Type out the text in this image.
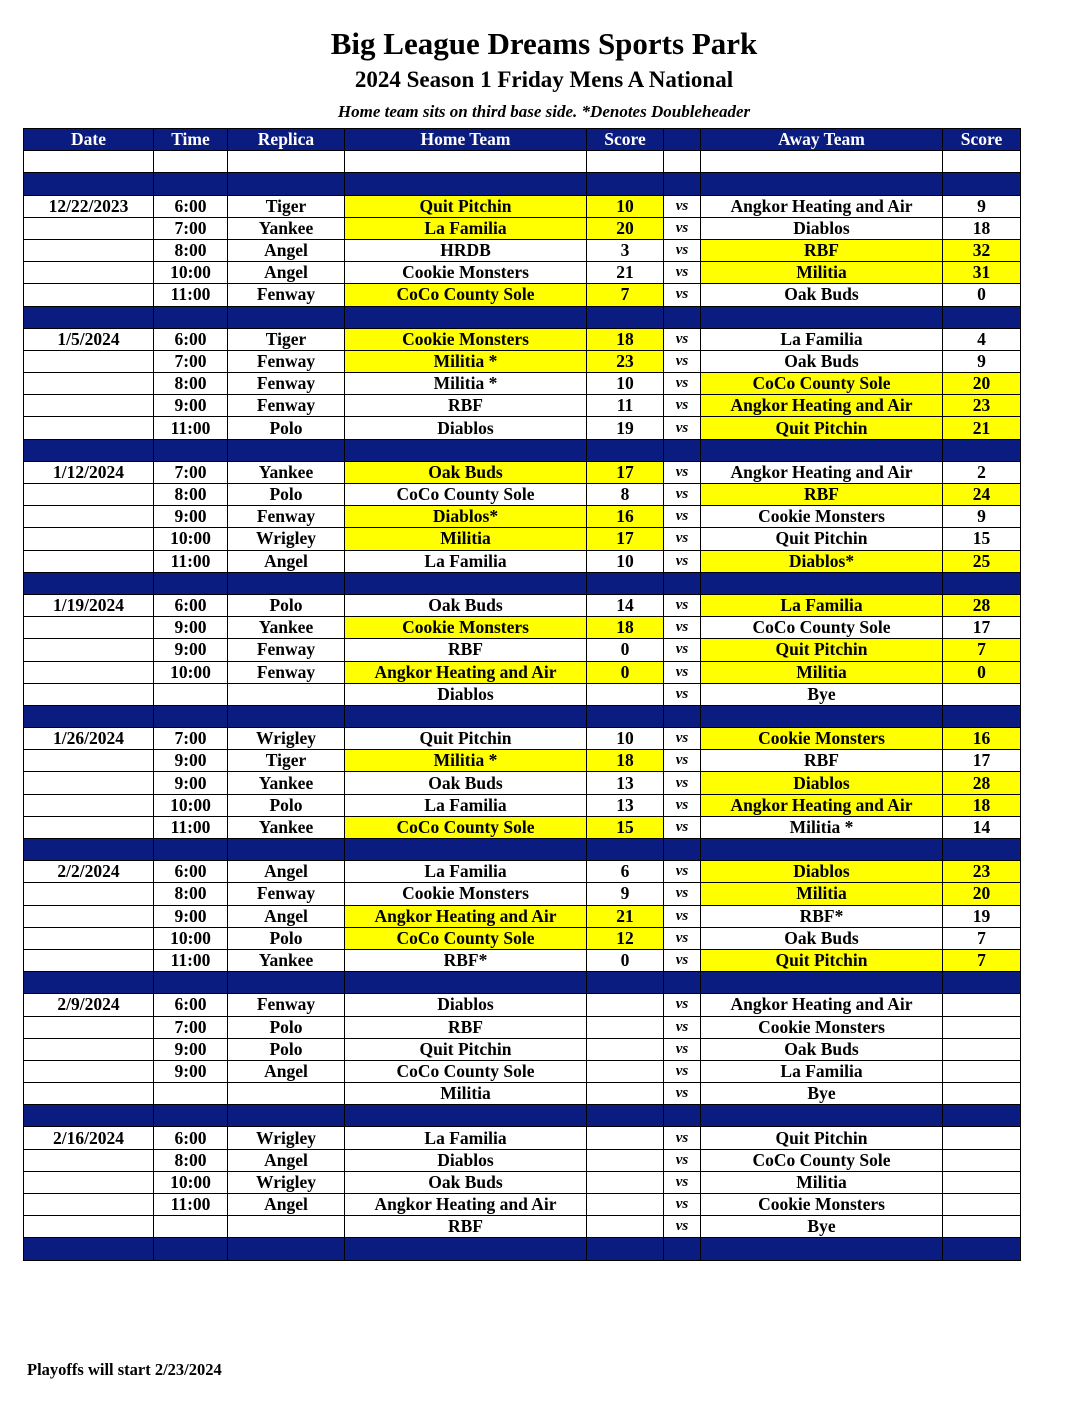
Big League Dreams Sports Park
2024 Season 1 Friday Mens A National
Home team sits on third base side. *Denotes Doubleheader
Date	Time	Replica	Home Team	Score		Away Team	Score

12/22/2023	6:00	Tiger	Quit Pitchin	10	vs	Angkor Heating and Air	9
	7:00	Yankee	La Familia	20	vs	Diablos	18
	8:00	Angel	HRDB	3	vs	RBF	32
	10:00	Angel	Cookie Monsters	21	vs	Militia	31
	11:00	Fenway	CoCo County Sole	7	vs	Oak Buds	0

1/5/2024	6:00	Tiger	Cookie Monsters	18	vs	La Familia	4
	7:00	Fenway	Militia *	23	vs	Oak Buds	9
	8:00	Fenway	Militia *	10	vs	CoCo County Sole	20
	9:00	Fenway	RBF	11	vs	Angkor Heating and Air	23
	11:00	Polo	Diablos	19	vs	Quit Pitchin	21

1/12/2024	7:00	Yankee	Oak Buds	17	vs	Angkor Heating and Air	2
	8:00	Polo	CoCo County Sole	8	vs	RBF	24
	9:00	Fenway	Diablos*	16	vs	Cookie Monsters	9
	10:00	Wrigley	Militia	17	vs	Quit Pitchin	15
	11:00	Angel	La Familia	10	vs	Diablos*	25

1/19/2024	6:00	Polo	Oak Buds	14	vs	La Familia	28
	9:00	Yankee	Cookie Monsters	18	vs	CoCo County Sole	17
	9:00	Fenway	RBF	0	vs	Quit Pitchin	7
	10:00	Fenway	Angkor Heating and Air	0	vs	Militia	0
			Diablos		vs	Bye	

1/26/2024	7:00	Wrigley	Quit Pitchin	10	vs	Cookie Monsters	16
	9:00	Tiger	Militia *	18	vs	RBF	17
	9:00	Yankee	Oak Buds	13	vs	Diablos	28
	10:00	Polo	La Familia	13	vs	Angkor Heating and Air	18
	11:00	Yankee	CoCo County Sole	15	vs	Militia *	14

2/2/2024	6:00	Angel	La Familia	6	vs	Diablos	23
	8:00	Fenway	Cookie Monsters	9	vs	Militia	20
	9:00	Angel	Angkor Heating and Air	21	vs	RBF*	19
	10:00	Polo	CoCo County Sole	12	vs	Oak Buds	7
	11:00	Yankee	RBF*	0	vs	Quit Pitchin	7

2/9/2024	6:00	Fenway	Diablos		vs	Angkor Heating and Air	
	7:00	Polo	RBF		vs	Cookie Monsters	
	9:00	Polo	Quit Pitchin		vs	Oak Buds	
	9:00	Angel	CoCo County Sole		vs	La Familia	
			Militia		vs	Bye	

2/16/2024	6:00	Wrigley	La Familia		vs	Quit Pitchin	
	8:00	Angel	Diablos		vs	CoCo County Sole	
	10:00	Wrigley	Oak Buds		vs	Militia	
	11:00	Angel	Angkor Heating and Air		vs	Cookie Monsters	
			RBF		vs	Bye	

Playoffs will start 2/23/2024
